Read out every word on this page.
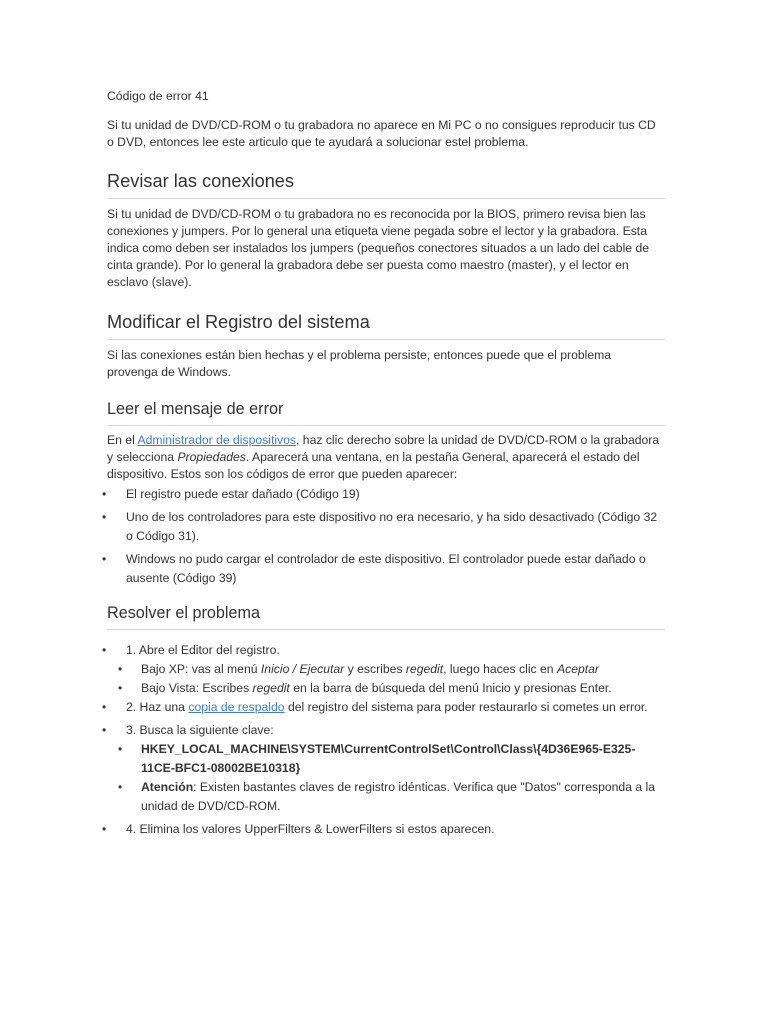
Código de error 41

Si tu unidad de DVD/CD-ROM o tu grabadora no aparece en Mi PC o no consigues reproducir tus CD o DVD, entonces lee este articulo que te ayudará a solucionar estel problema.

Revisar las conexiones

Si tu unidad de DVD/CD-ROM o tu grabadora no es reconocida por la BIOS, primero revisa bien las conexiones y jumpers. Por lo general una etiqueta viene pegada sobre el lector y la grabadora. Esta indica como deben ser instalados los jumpers (pequeños conectores situados a un lado del cable de cinta grande). Por lo general la grabadora debe ser puesta como maestro (master), y el lector en esclavo (slave).

Modificar el Registro del sistema

Si las conexiones están bien hechas y el problema persiste, entonces puede que el problema provenga de Windows.

Leer el mensaje de error

En el Administrador de dispositivos, haz clic derecho sobre la unidad de DVD/CD-ROM o la grabadora y selecciona Propiedades. Aparecerá una ventana, en la pestaña General, aparecerá el estado del dispositivo. Estos son los códigos de error que pueden aparecer:

• El registro puede estar dañado (Código 19)
• Uno de los controladores para este dispositivo no era necesario, y ha sido desactivado (Código 32 o Código 31).
• Windows no pudo cargar el controlador de este dispositivo. El controlador puede estar dañado o ausente (Código 39)
Resolver el problema
• 1. Abre el Editor del registro.
• Bajo XP: vas al menú Inicio / Ejecutar y escribes regedit, luego haces clic en Aceptar
• Bajo Vista: Escribes regedit en la barra de búsqueda del menú Inicio y presionas Enter.
• 2. Haz una copia de respaldo del registro del sistema para poder restaurarlo si cometes un error.
• 3. Busca la siguiente clave:
• HKEY_LOCAL_MACHINE\SYSTEM\CurrentControlSet\Control\Class\{4D36E965-E325-11CE-BFC1-08002BE10318}
• Atención: Existen bastantes claves de registro idénticas. Verifica que "Datos" corresponda a la unidad de DVD/CD-ROM.
• 4. Elimina los valores UpperFilters & LowerFilters si estos aparecen.
